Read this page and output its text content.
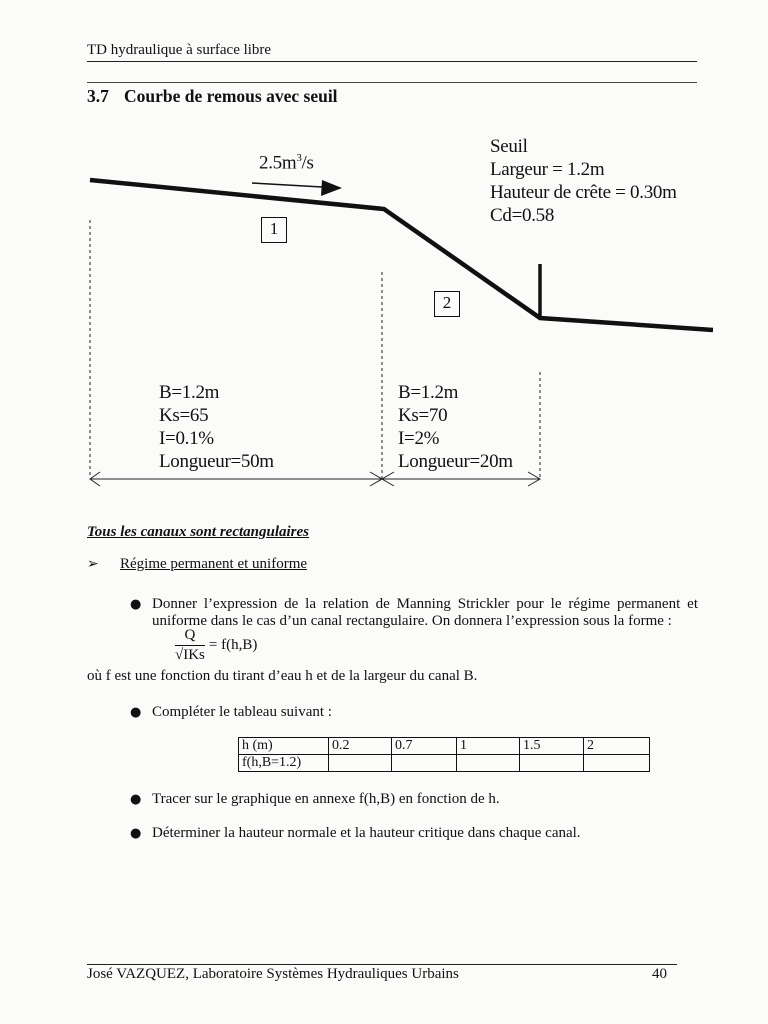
TD hydraulique à surface libre
3.7 Courbe de remous avec seuil
$2.5m^3/s$
Seuil
Largeur = 1.2m
Hauteur de crête = 0.30m
Cd=0.58
1
2
B=1.2m
Ks=65
I=0.1%
Longueur=50m
B=1.2m
Ks=70
I=2%
Longueur=20m
Tous les canaux sont rectangulaires
➢ Régime permanent et uniforme
● Donner l’expression de la relation de Manning Strickler pour le régime permanent et uniforme dans le cas d’un canal rectangulaire. On donnera l’expression sous la forme :
$\frac{Q}{\text{√IKs}} = f(h,B)$
où f est une fonction du tirant d’eau h et de la largeur du canal B.
● Compléter le tableau suivant :
h (m)	0.2	0.7	1	1.5	2
f(h,B=1.2)					
● Tracer sur le graphique en annexe f(h,B) en fonction de h.
● Déterminer la hauteur normale et la hauteur critique dans chaque canal.
José VAZQUEZ, Laboratoire Systèmes Hydrauliques Urbains	40
